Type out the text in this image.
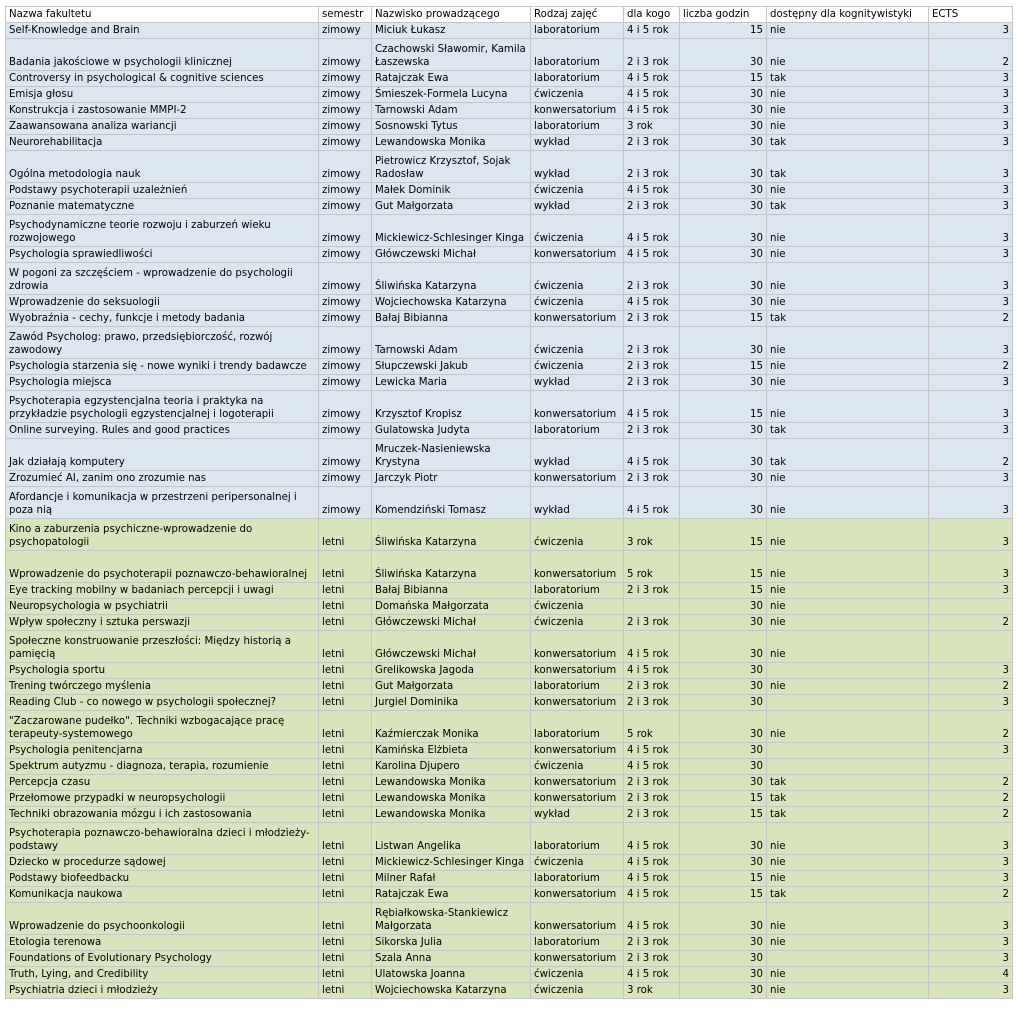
Nazwa fakultetu	semestr	Nazwisko prowadzącego	Rodzaj zajęć	dla kogo	liczba godzin	dostępny dla kognitywistyki	ECTS
Self-Knowledge and Brain	zimowy	Miciuk Łukasz	laboratorium	4 i 5 rok	15	nie	3
Badania jakościowe w psychologii klinicznej	zimowy	Czachowski Sławomir, Kamila Łaszewska	laboratorium	2 i 3 rok	30	nie	2
Controversy in psychological & cognitive sciences	zimowy	Ratajczak Ewa	laboratorium	4 i 5 rok	15	tak	3
Emisja głosu	zimowy	Śmieszek-Formela Lucyna	ćwiczenia	4 i 5 rok	30	nie	3
Konstrukcja i zastosowanie MMPI-2	zimowy	Tarnowski Adam	konwersatorium	4 i 5 rok	30	nie	3
Zaawansowana analiza wariancji	zimowy	Sosnowski Tytus	laboratorium	3 rok	30	nie	3
Neurorehabilitacja	zimowy	Lewandowska Monika	wykład	2 i 3 rok	30	tak	3
Ogólna metodologia nauk	zimowy	Pietrowicz Krzysztof, Sojak Radosław	wykład	2 i 3 rok	30	tak	3
Podstawy psychoterapii uzależnień	zimowy	Małek Dominik	ćwiczenia	4 i 5 rok	30	nie	3
Poznanie matematyczne	zimowy	Gut Małgorzata	wykład	2 i 3 rok	30	tak	3
Psychodynamiczne teorie rozwoju i zaburzeń wieku rozwojowego	zimowy	Mickiewicz-Schlesinger Kinga	ćwiczenia	4 i 5 rok	30	nie	3
Psychologia sprawiedliwości	zimowy	Główczewski Michał	konwersatorium	4 i 5 rok	30	nie	3
W pogoni za szczęściem - wprowadzenie do psychologii zdrowia	zimowy	Śliwińska Katarzyna	ćwiczenia	2 i 3 rok	30	nie	3
Wprowadzenie do seksuologii	zimowy	Wojciechowska Katarzyna	ćwiczenia	4 i 5 rok	30	nie	3
Wyobraźnia - cechy, funkcje i metody badania	zimowy	Bałaj Bibianna	konwersatorium	2 i 3 rok	15	tak	2
Zawód Psycholog: prawo, przedsiębiorczość, rozwój zawodowy	zimowy	Tarnowski Adam	ćwiczenia	2 i 3 rok	30	nie	3
Psychologia starzenia się - nowe wyniki i trendy badawcze	zimowy	Słupczewski Jakub	ćwiczenia	2 i 3 rok	15	nie	2
Psychologia miejsca	zimowy	Lewicka Maria	wykład	2 i 3 rok	30	nie	3
Psychoterapia egzystencjalna teoria i praktyka na przykładzie psychologii egzystencjalnej i logoterapii	zimowy	Krzysztof Kropisz	konwersatorium	4 i 5 rok	15	nie	3
Online surveying. Rules and good practices	zimowy	Gulatowska Judyta	laboratorium	2 i 3 rok	30	tak	3
Jak działają komputery	zimowy	Mruczek-Nasieniewska Krystyna	wykład	4 i 5 rok	30	tak	2
Zrozumieć AI, zanim ono zrozumie nas	zimowy	Jarczyk Piotr	konwersatorium	2 i 3 rok	30	nie	3
Afordancje i komunikacja w przestrzeni peripersonalnej i poza nią	zimowy	Komendziński Tomasz	wykład	4 i 5 rok	30	nie	3
Kino a zaburzenia psychiczne-wprowadzenie do psychopatologii	letni	Śliwińska Katarzyna	ćwiczenia	3 rok	15	nie	3
Wprowadzenie do psychoterapii poznawczo-behawioralnej	letni	Śliwińska Katarzyna	konwersatorium	5 rok	15	nie	3
Eye tracking mobilny w badaniach percepcji i uwagi	letni	Bałaj Bibianna	laboratorium	2 i 3 rok	15	nie	3
Neuropsychologia w psychiatrii	letni	Domańska Małgorzata	ćwiczenia		30	nie	
Wpływ społeczny i sztuka perswazji	letni	Główczewski Michał	ćwiczenia	2 i 3 rok	30	nie	2
Społeczne konstruowanie przeszłości: Między historią a pamięcią	letni	Główczewski Michał	konwersatorium	4 i 5 rok	30	nie	
Psychologia sportu	letni	Grelikowska Jagoda	konwersatorium	4 i 5 rok	30		3
Trening twórczego myślenia	letni	Gut Małgorzata	laboratorium	2 i 3 rok	30	nie	2
Reading Club - co nowego w psychologii społecznej?	letni	Jurgiel Dominika	konwersatorium	2 i 3 rok	30		3
"Zaczarowane pudełko". Techniki wzbogacające pracę terapeuty-systemowego	letni	Kaźmierczak Monika	laboratorium	5 rok	30	nie	2
Psychologia penitencjarna	letni	Kamińska Elżbieta	konwersatorium	4 i 5 rok	30		3
Spektrum autyzmu - diagnoza, terapia, rozumienie	letni	Karolina Djupero	ćwiczenia	4 i 5 rok	30		
Percepcja czasu	letni	Lewandowska Monika	konwersatorium	2 i 3 rok	30	tak	2
Przełomowe przypadki w neuropsychologii	letni	Lewandowska Monika	konwersatorium	2 i 3 rok	15	tak	2
Techniki obrazowania mózgu i ich zastosowania	letni	Lewandowska Monika	wykład	2 i 3 rok	15	tak	2
Psychoterapia poznawczo-behawioralna dzieci i młodzieży-podstawy	letni	Listwan Angelika	laboratorium	4 i 5 rok	30	nie	3
Dziecko w procedurze sądowej	letni	Mickiewicz-Schlesinger Kinga	ćwiczenia	4 i 5 rok	30	nie	3
Podstawy biofeedbacku	letni	Milner Rafał	laboratorium	4 i 5 rok	15	nie	3
Komunikacja naukowa	letni	Ratajczak Ewa	konwersatorium	4 i 5 rok	15	tak	2
Wprowadzenie do psychoonkologii	letni	Rębiałkowska-Stankiewicz Małgorzata	konwersatorium	4 i 5 rok	30	nie	3
Etologia terenowa	letni	Sikorska Julia	laboratorium	2 i 3 rok	30	nie	3
Foundations of Evolutionary Psychology	letni	Szala Anna	konwersatorium	2 i 3 rok	30		3
Truth, Lying, and Credibility	letni	Ulatowska Joanna	ćwiczenia	4 i 5 rok	30	nie	4
Psychiatria dzieci i młodzieży	letni	Wojciechowska Katarzyna	ćwiczenia	3 rok	30	nie	3
